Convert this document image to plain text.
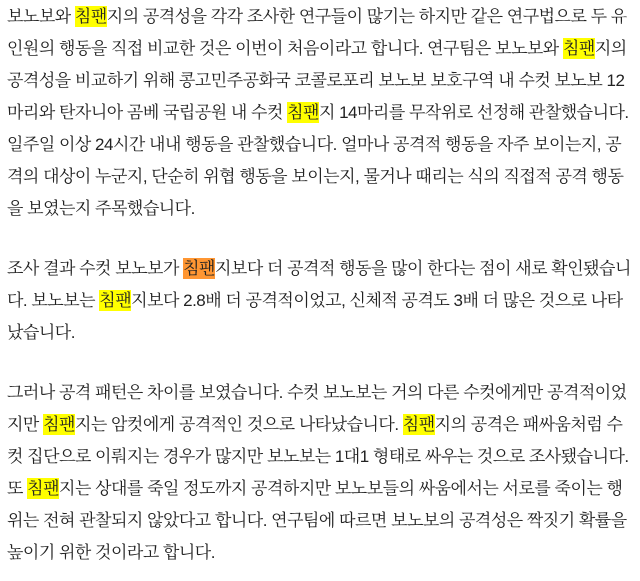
보노보와 침팬지의 공격성을 각각 조사한 연구들이 많기는 하지만 같은 연구법으로 두 유인원의 행동을 직접 비교한 것은 이번이 처음이라고 합니다. 연구팀은 보노보와 침팬지의 공격성을 비교하기 위해 콩고민주공화국 코콜로포리 보노보 보호구역 내 수컷 보노보 12마리와 탄자니아 곰베 국립공원 내 수컷 침팬지 14마리를 무작위로 선정해 관찰했습니다. 일주일 이상 24시간 내내 행동을 관찰했습니다. 얼마나 공격적 행동을 자주 보이는지, 공격의 대상이 누군지, 단순히 위협 행동을 보이는지, 물거나 때리는 식의 직접적 공격 행동을 보였는지 주목했습니다.

조사 결과 수컷 보노보가 침팬지보다 더 공격적 행동을 많이 한다는 점이 새로 확인됐습니다. 보노보는 침팬지보다 2.8배 더 공격적이었고, 신체적 공격도 3배 더 많은 것으로 나타났습니다.

그러나 공격 패턴은 차이를 보였습니다. 수컷 보노보는 거의 다른 수컷에게만 공격적이었지만 침팬지는 암컷에게 공격적인 것으로 나타났습니다. 침팬지의 공격은 패싸움처럼 수컷 집단으로 이뤄지는 경우가 많지만 보노보는 1대1 형태로 싸우는 것으로 조사됐습니다. 또 침팬지는 상대를 죽일 정도까지 공격하지만 보노보들의 싸움에서는 서로를 죽이는 행위는 전혀 관찰되지 않았다고 합니다. 연구팀에 따르면 보노보의 공격성은 짝짓기 확률을 높이기 위한 것이라고 합니다.
